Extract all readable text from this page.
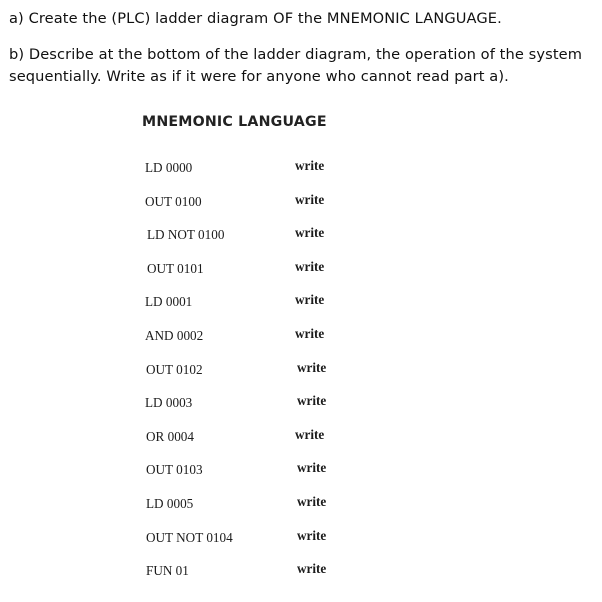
a) Create the (PLC) ladder diagram OF the MNEMONIC LANGUAGE.

b) Describe at the bottom of the ladder diagram, the operation of the system sequentially. Write as if it were for anyone who cannot read part a).

MNEMONIC LANGUAGE
LD 0000	write
OUT 0100	write
LD NOT 0100	write
OUT 0101	write
LD 0001	write
AND 0002	write
OUT 0102	write
LD 0003	write
OR 0004	write
OUT 0103	write
LD 0005	write
OUT NOT 0104	write
FUN 01	write
